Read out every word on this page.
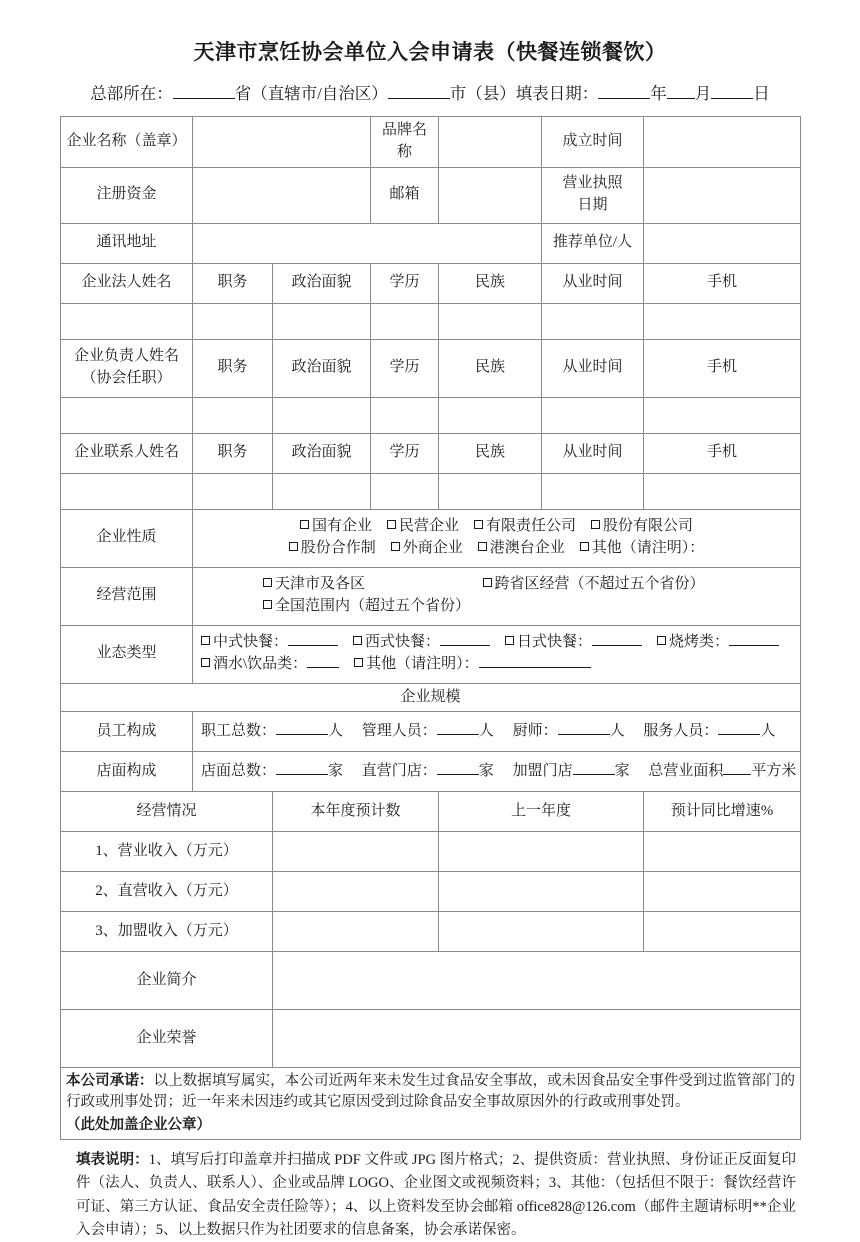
天津市烹饪协会单位入会申请表（快餐连锁餐饮）
总部所在：	省（直辖市/自治区）	市（县）填表日期：	年 月	日
企业名称（盖章）			品牌名称		成立时间	
注册资金			邮箱		营业执照
日期	

通讯地址					推荐单位/人	
企业法人姓名	职务	政治面貌	学历	民族	从业时间	手机

企业负责人姓名
（协会任职）	职务	政治面貌	学历	民族	从业时间	手机

企业联系人姓名	职务	政治面貌	学历	民族	从业时间	手机

企业性质	国有企业 民营企业 有限责任公司 股份有限公司
股份合作制 外商企业 港澳台企业 其他（请注明）：					

经营范围	天津市及各区 跨省区经营（不超过五个省份）
全国范围内（超过五个省份）					

业态类型	中式快餐： 西式快餐： 日式快餐： 烧烤类：
酒水\饮品类： 其他（请注明）：					

企业规模						
员工构成	职工总数： 人 管理人员： 人 厨师： 人 服务人员： 人					
店面构成	店面总数： 家 直营门店： 家 加盟门店 家 总营业面积 平方米					
经营情况		本年度预计数		上一年度		预计同比增速%
1、营业收入（万元）						
2、直营收入（万元）						
3、加盟收入（万元）						
企业简介						
企业荣誉						
本公司承诺：以上数据填写属实，本公司近两年来未发生过食品安全事故，或未因食品安全事件受到过监管部门的行政或刑事处罚；近一年来未因违约或其它原因受到过除食品安全事故原因外的行政或刑事处罚。
（此处加盖企业公章）						
填表说明：1、填写后打印盖章并扫描成 PDF 文件或 JPG 图片格式；2、提供资质：营业执照、身份证正反面复印件（法人、负责人、联系人）、企业或品牌 LOGO、企业图文或视频资料；3、其他：（包括但不限于：餐饮经营许可证、第三方认证、食品安全责任险等）；4、以上资料发至协会邮箱 office828@126.com（邮件主题请标明**企业入会申请）；5、以上数据只作为社团要求的信息备案，协会承诺保密。
